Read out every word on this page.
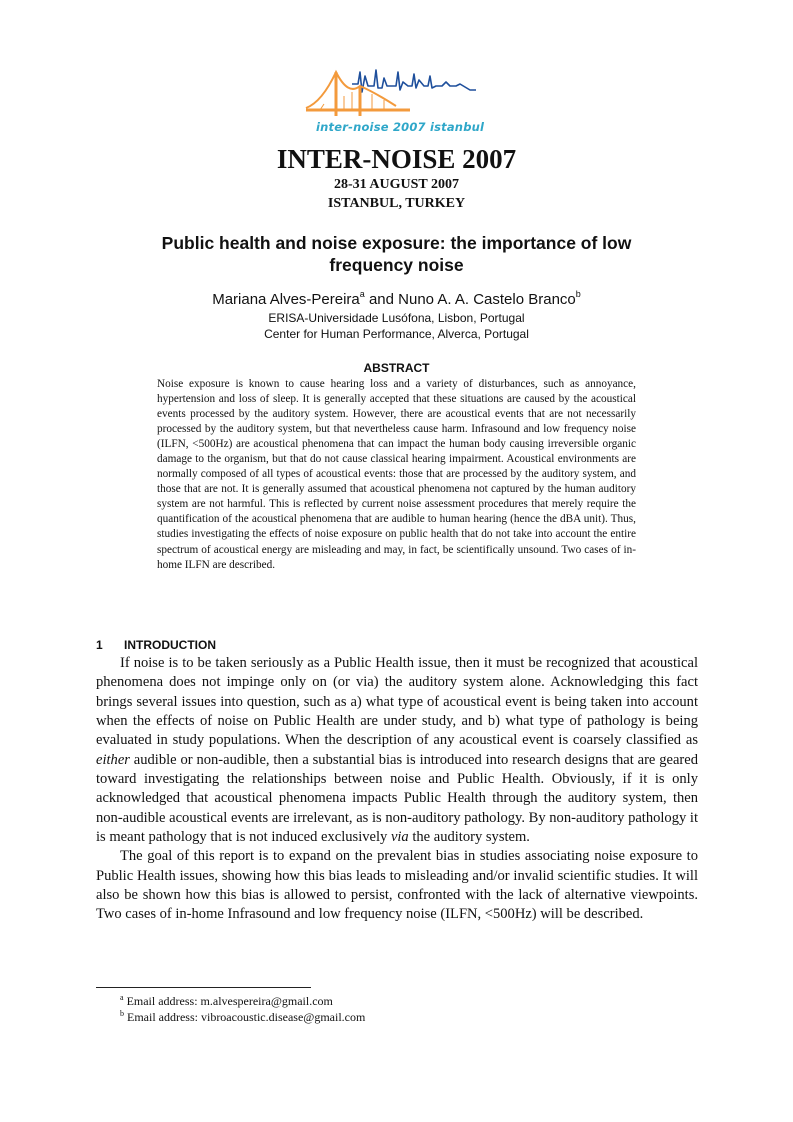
inter-noise 2007 istanbul
INTER-NOISE 2007
28-31 AUGUST 2007
ISTANBUL, TURKEY
Public health and noise exposure: the importance of low frequency noise
Mariana Alves-Pereira$^a$ and Nuno A. A. Castelo Branco$^b$
ERISA-Universidade Lusófona, Lisbon, Portugal
Center for Human Performance, Alverca, Portugal
ABSTRACT

Noise exposure is known to cause hearing loss and a variety of disturbances, such as annoyance, hypertension and loss of sleep. It is generally accepted that these situations are caused by the acoustical events processed by the auditory system. However, there are acoustical events that are not necessarily processed by the auditory system, but that nevertheless cause harm. Infrasound and low frequency noise (ILFN, <500Hz) are acoustical phenomena that can impact the human body causing irreversible organic damage to the organism, but that do not cause classical hearing impairment. Acoustical environments are normally composed of all types of acoustical events: those that are processed by the auditory system, and those that are not. It is generally assumed that acoustical phenomena not captured by the human auditory system are not harmful. This is reflected by current noise assessment procedures that merely require the quantification of the acoustical phenomena that are audible to human hearing (hence the dBA unit). Thus, studies investigating the effects of noise exposure on public health that do not take into account the entire spectrum of acoustical energy are misleading and may, in fact, be scientifically unsound. Two cases of in-home ILFN are described.

1 INTRODUCTION

If noise is to be taken seriously as a Public Health issue, then it must be recognized that acoustical phenomena does not impinge only on (or via) the auditory system alone. Acknowledging this fact brings several issues into question, such as a) what type of acoustical event is being taken into account when the effects of noise on Public Health are under study, and b) what type of pathology is being evaluated in study populations. When the description of any acoustical event is coarsely classified as either audible or non-audible, then a substantial bias is introduced into research designs that are geared toward investigating the relationships between noise and Public Health. Obviously, if it is only acknowledged that acoustical phenomena impacts Public Health through the auditory system, then non-audible acoustical events are irrelevant, as is non-auditory pathology. By non-auditory pathology it is meant pathology that is not induced exclusively via the auditory system.

The goal of this report is to expand on the prevalent bias in studies associating noise exposure to Public Health issues, showing how this bias leads to misleading and/or invalid scientific studies. It will also be shown how this bias is allowed to persist, confronted with the lack of alternative viewpoints. Two cases of in-home Infrasound and low frequency noise (ILFN, <500Hz) will be described.

$^a$ Email address: m.alvespereira@gmail.com
$^b$ Email address: vibroacoustic.disease@gmail.com
